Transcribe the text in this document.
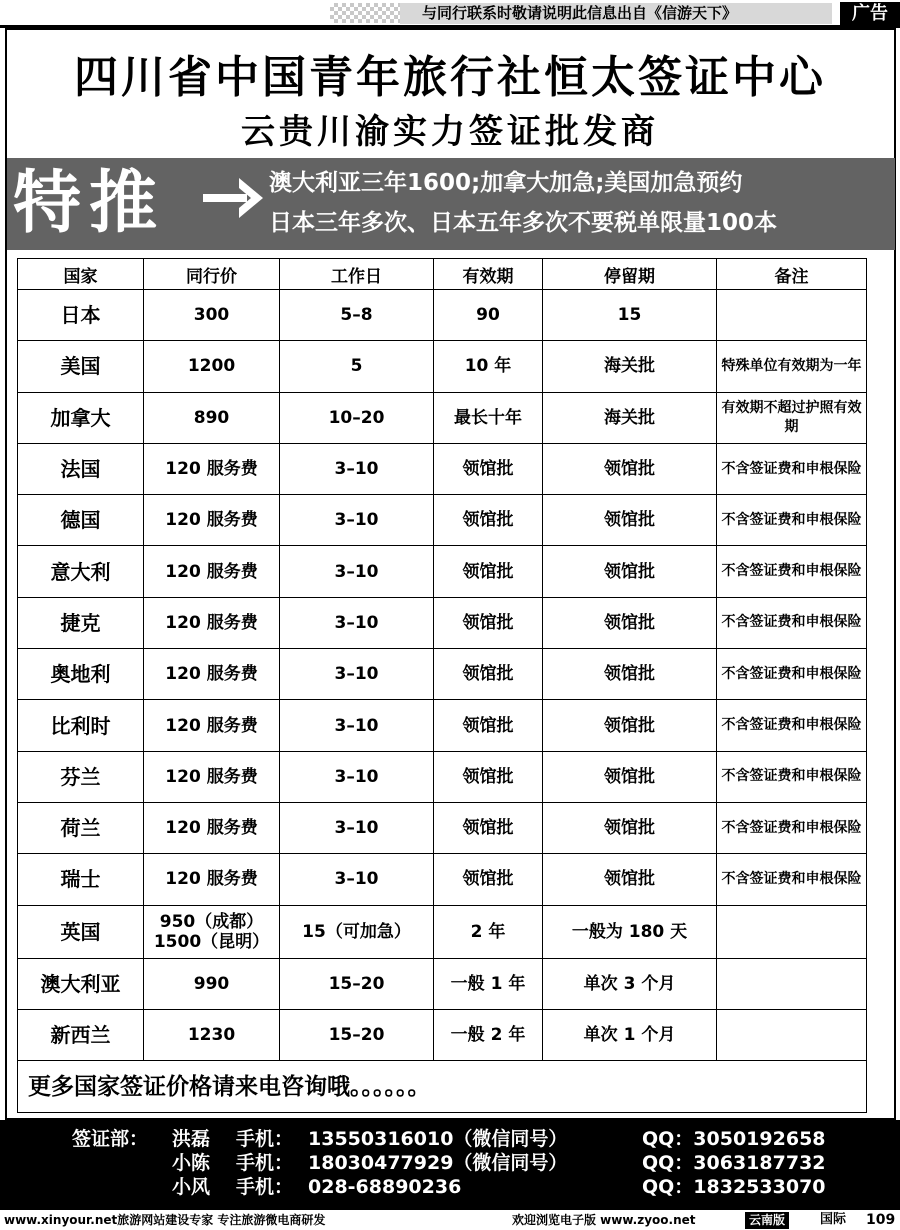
与同行联系时敬请说明此信息出自《信游天下》	广告
四川省中国青年旅行社恒太签证中心
云贵川渝实力签证批发商
特推	澳大利亚三年1600;加拿大加急;美国加急预约
日本三年多次、日本五年多次不要税单限量100本
国家	同行价	工作日	有效期	停留期	备注
日本	300	5–8	90	15	
美国	1200	5	10 年	海关批	特殊单位有效期为一年
加拿大	890	10–20	最长十年	海关批	有效期不超过护照有效期
法国	120 服务费	3–10	领馆批	领馆批	不含签证费和申根保险
德国	120 服务费	3–10	领馆批	领馆批	不含签证费和申根保险
意大利	120 服务费	3–10	领馆批	领馆批	不含签证费和申根保险
捷克	120 服务费	3–10	领馆批	领馆批	不含签证费和申根保险
奥地利	120 服务费	3–10	领馆批	领馆批	不含签证费和申根保险
比利时	120 服务费	3–10	领馆批	领馆批	不含签证费和申根保险
芬兰	120 服务费	3–10	领馆批	领馆批	不含签证费和申根保险
荷兰	120 服务费	3–10	领馆批	领馆批	不含签证费和申根保险
瑞士	120 服务费	3–10	领馆批	领馆批	不含签证费和申根保险
英国	950（成都）1500（昆明）	15（可加急）	2 年	一般为 180 天	
澳大利亚	990	15–20	一般 1 年	单次 3 个月	
新西兰	1230	15–20	一般 2 年	单次 1 个月	
更多国家签证价格请来电咨询哦。。。。。。					
签证部： 洪磊 手机： 13550316010（微信同号）	QQ：3050192658
小陈 手机： 18030477929（微信同号）	QQ：3063187732
小风 手机： 028-68890236	QQ：1832533070
www.xinyour.net旅游网站建设专家 专注旅游微电商研发	欢迎浏览电子版 www.zyoo.net	云南版	国际 109
